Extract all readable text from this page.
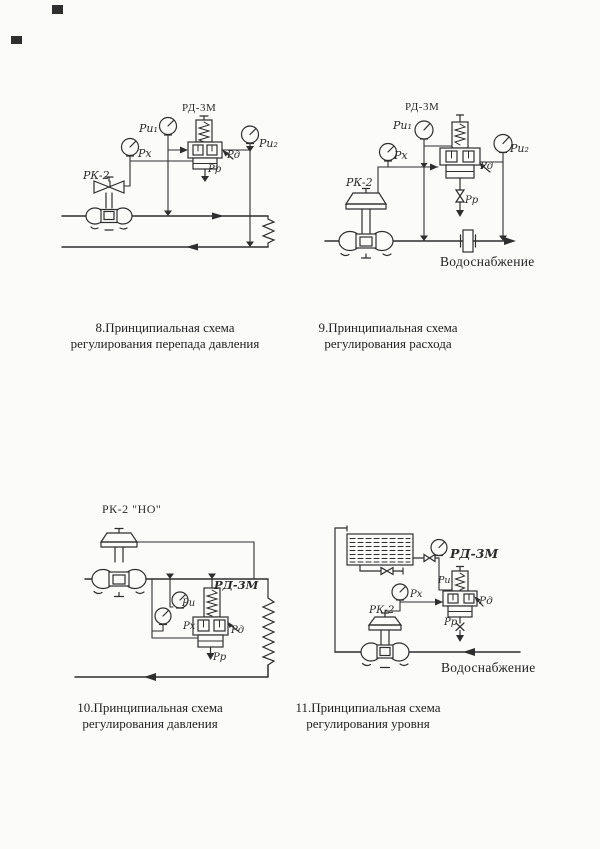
РД-3М
РК-2
Ри₁
Рх
Ри₂
Рд
Рр
8.Принципиальная схема
регулирования перепада давления
РД-3М
РК-2
Ри₁
Рх
Ри₂
Рд
Рр
Водоснабжение
9.Принципиальная схема
регулирования расхода
РК-2 "НО"
РД-3М
Ри
Рх	Рд
Рр
10.Принципиальная схема
регулирования давления
РД-3М
Ри
Рх
РК-2
Рд
Рр
Водоснабжение
11.Принципиальная схема
регулирования уровня
